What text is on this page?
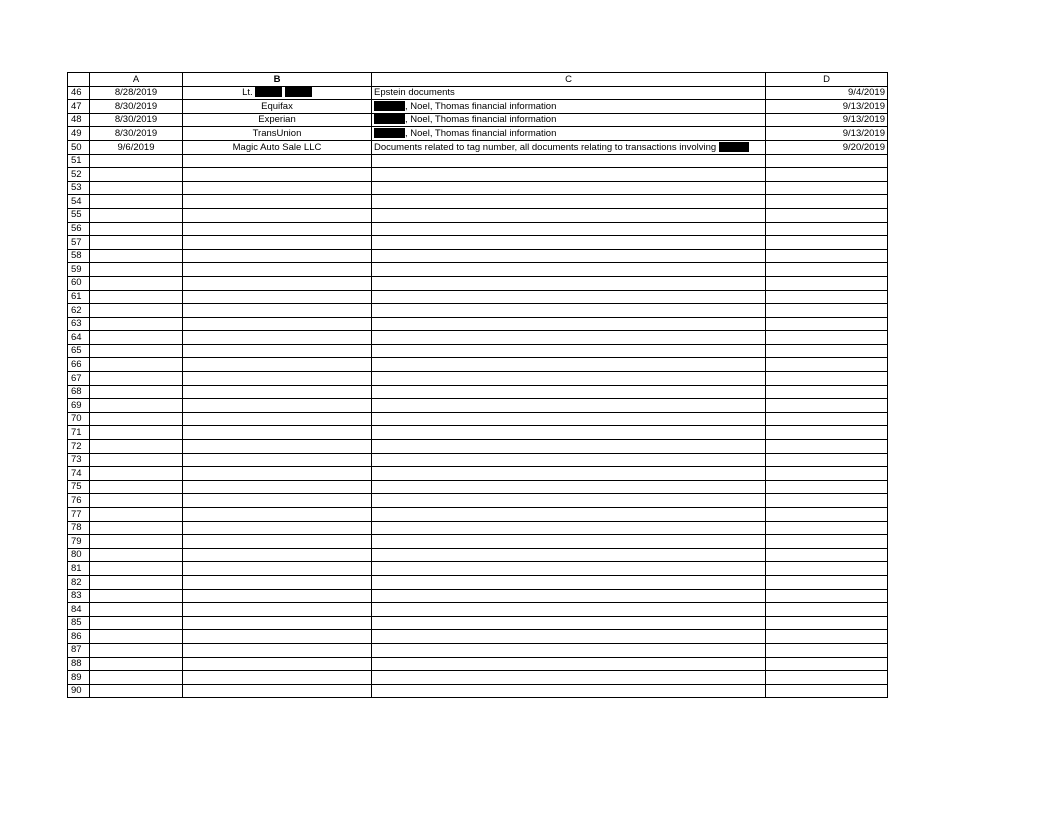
	A	B	C	D
46	8/28/2019	Lt.	Epstein documents	9/4/2019
47	8/30/2019	Equifax	, Noel, Thomas financial information	9/13/2019
48	8/30/2019	Experian	, Noel, Thomas financial information	9/13/2019
49	8/30/2019	TransUnion	, Noel, Thomas financial information	9/13/2019
50	9/6/2019	Magic Auto Sale LLC	Documents related to tag number, all documents relating to transactions involving	9/20/2019
51				
52				
53				
54				
55				
56				
57				
58				
59				
60				
61				
62				
63				
64				
65				
66				
67				
68				
69				
70				
71				
72				
73				
74				
75				
76				
77				
78				
79				
80				
81				
82				
83				
84				
85				
86				
87				
88				
89				
90				
